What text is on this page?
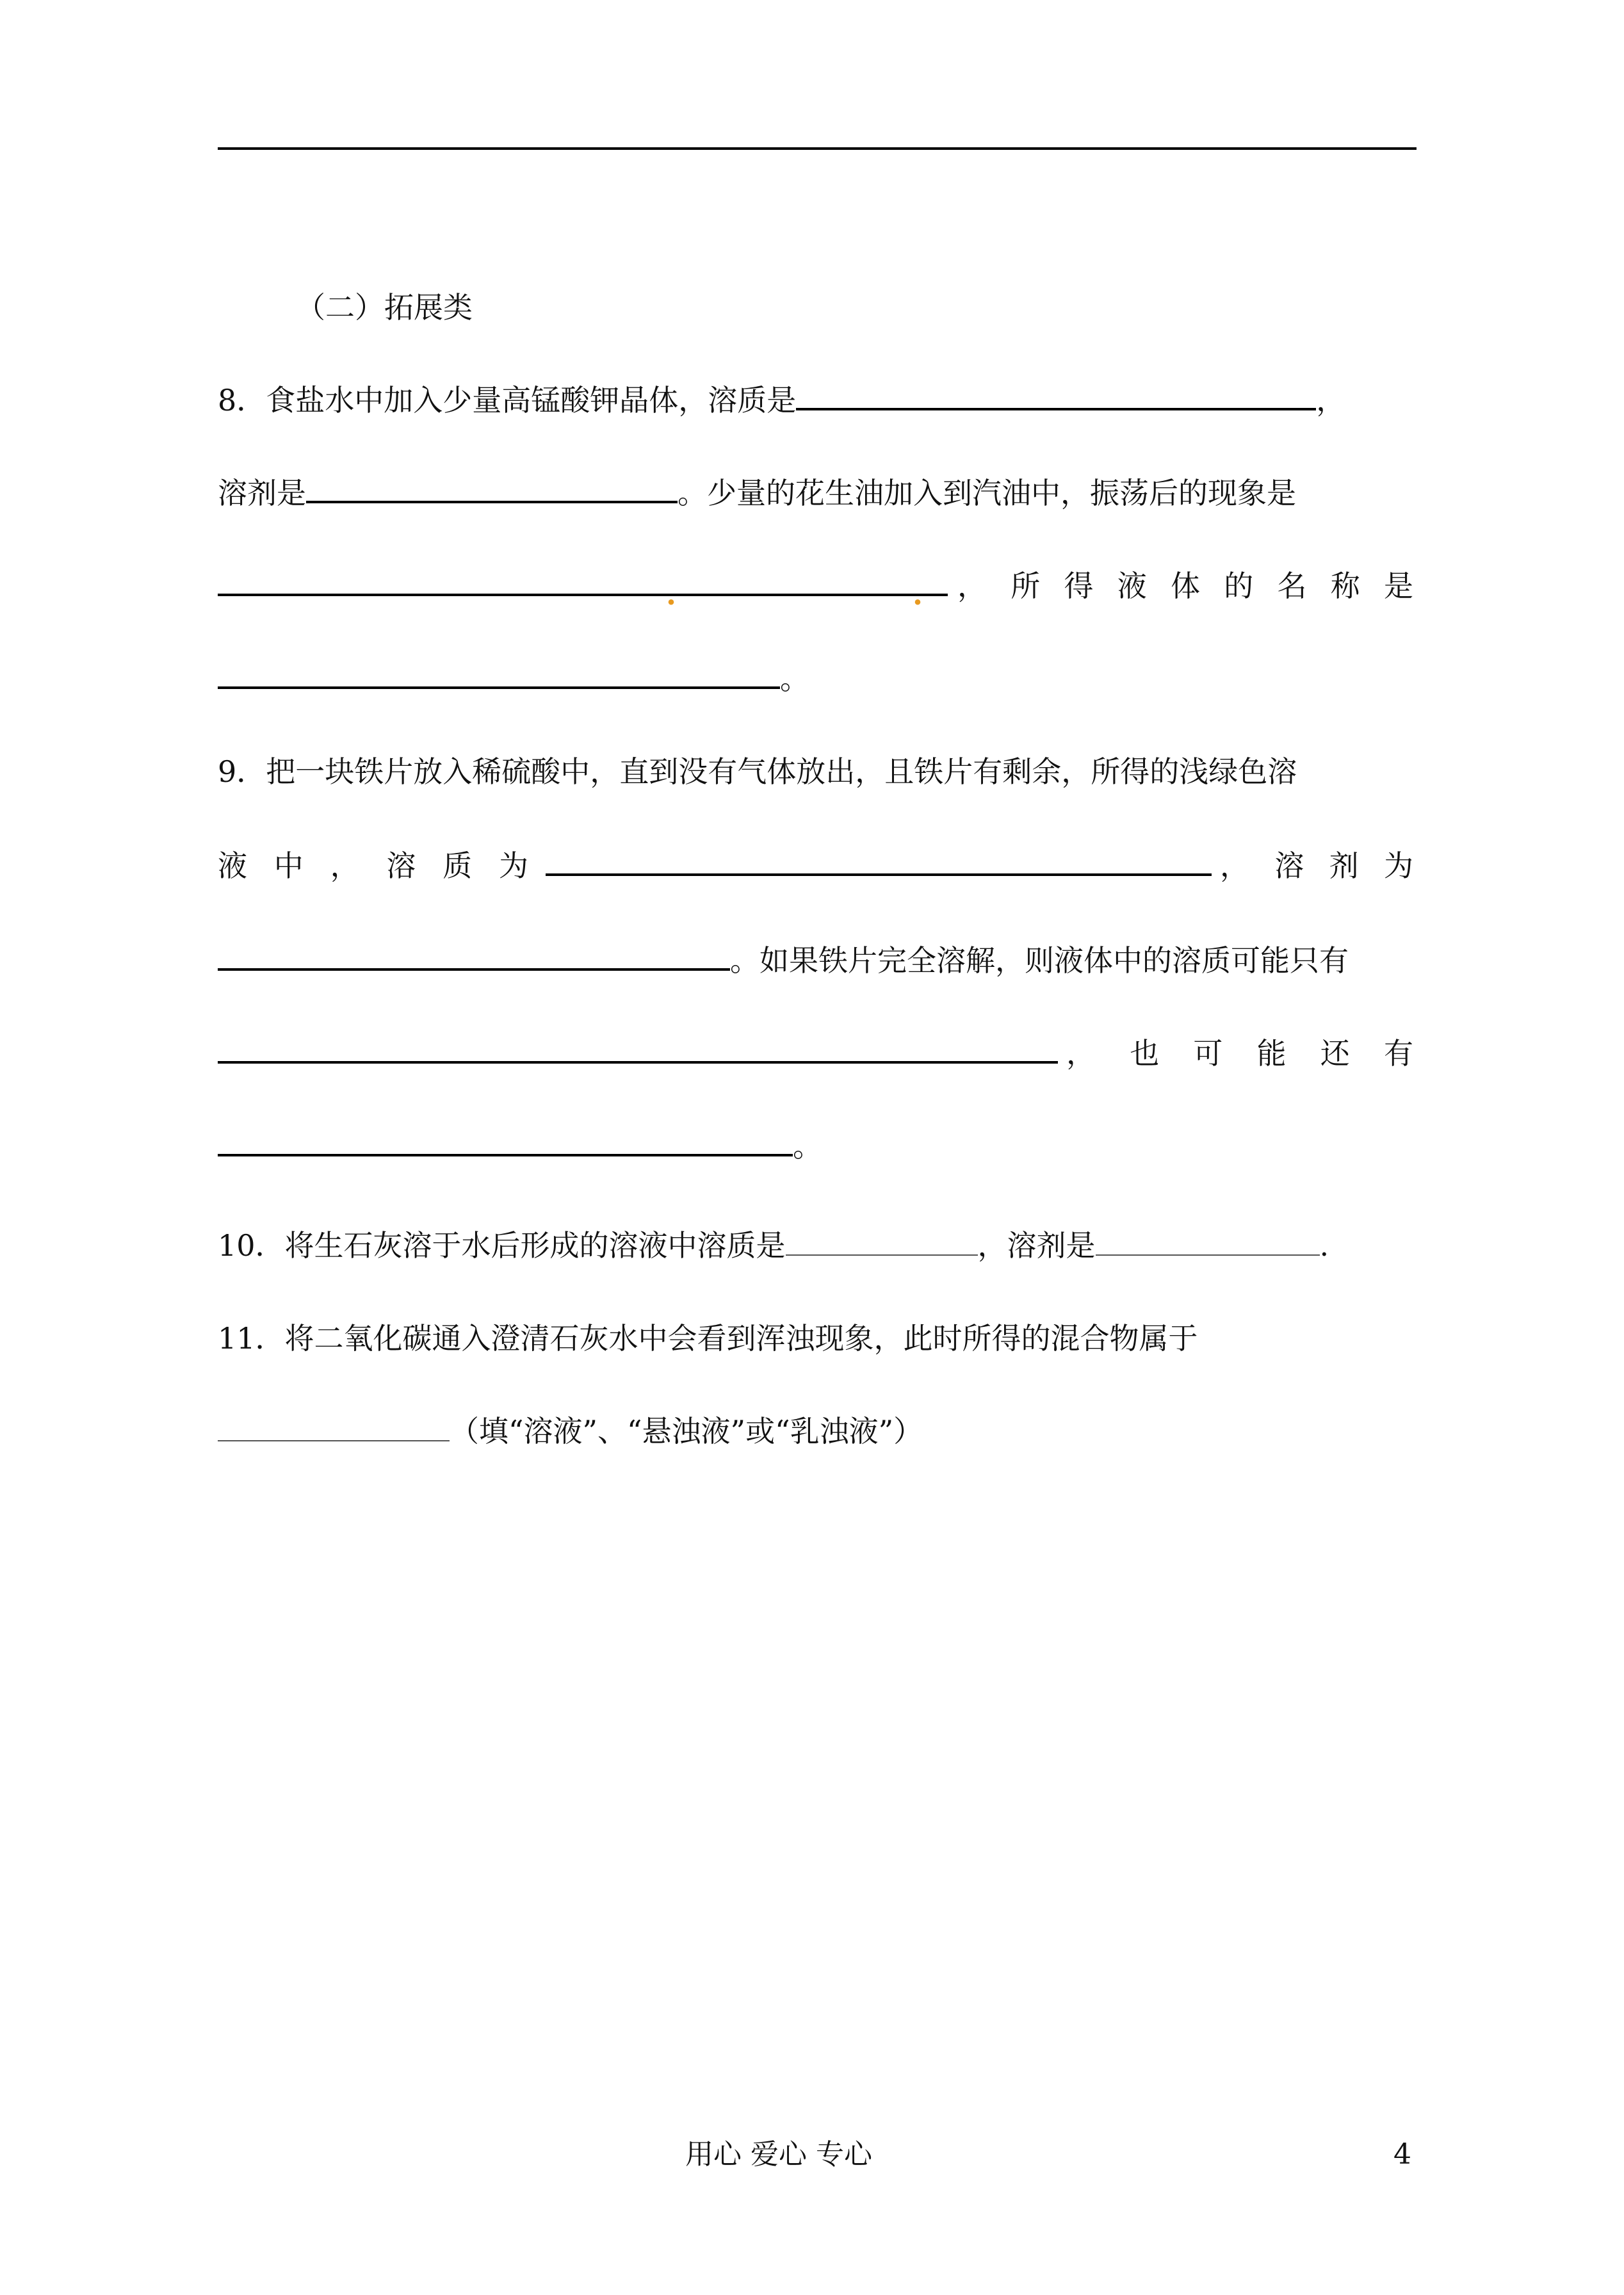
（二）拓展类
8．食盐水中加入少量高锰酸钾晶体，溶质是	，
溶剂是	。少量的花生油加入到汽油中，振荡后的现象是
.	. ， 所 得 液 体 的 名 称 是
。
9．把一块铁片放入稀硫酸中，直到没有气体放出，且铁片有剩余，所得的浅绿色溶
液 中 ， 溶 质 为	， 溶 剂 为
。如果铁片完全溶解，则液体中的溶质可能只有
， 也 可 能 还 有
。
10．将生石灰溶于水后形成的溶液中溶质是	，溶剂是	.
11．将二氧化碳通入澄清石灰水中会看到浑浊现象，此时所得的混合物属于
（填“溶液”、“悬浊液”或“乳浊液”）
用心 爱心 专心	4
